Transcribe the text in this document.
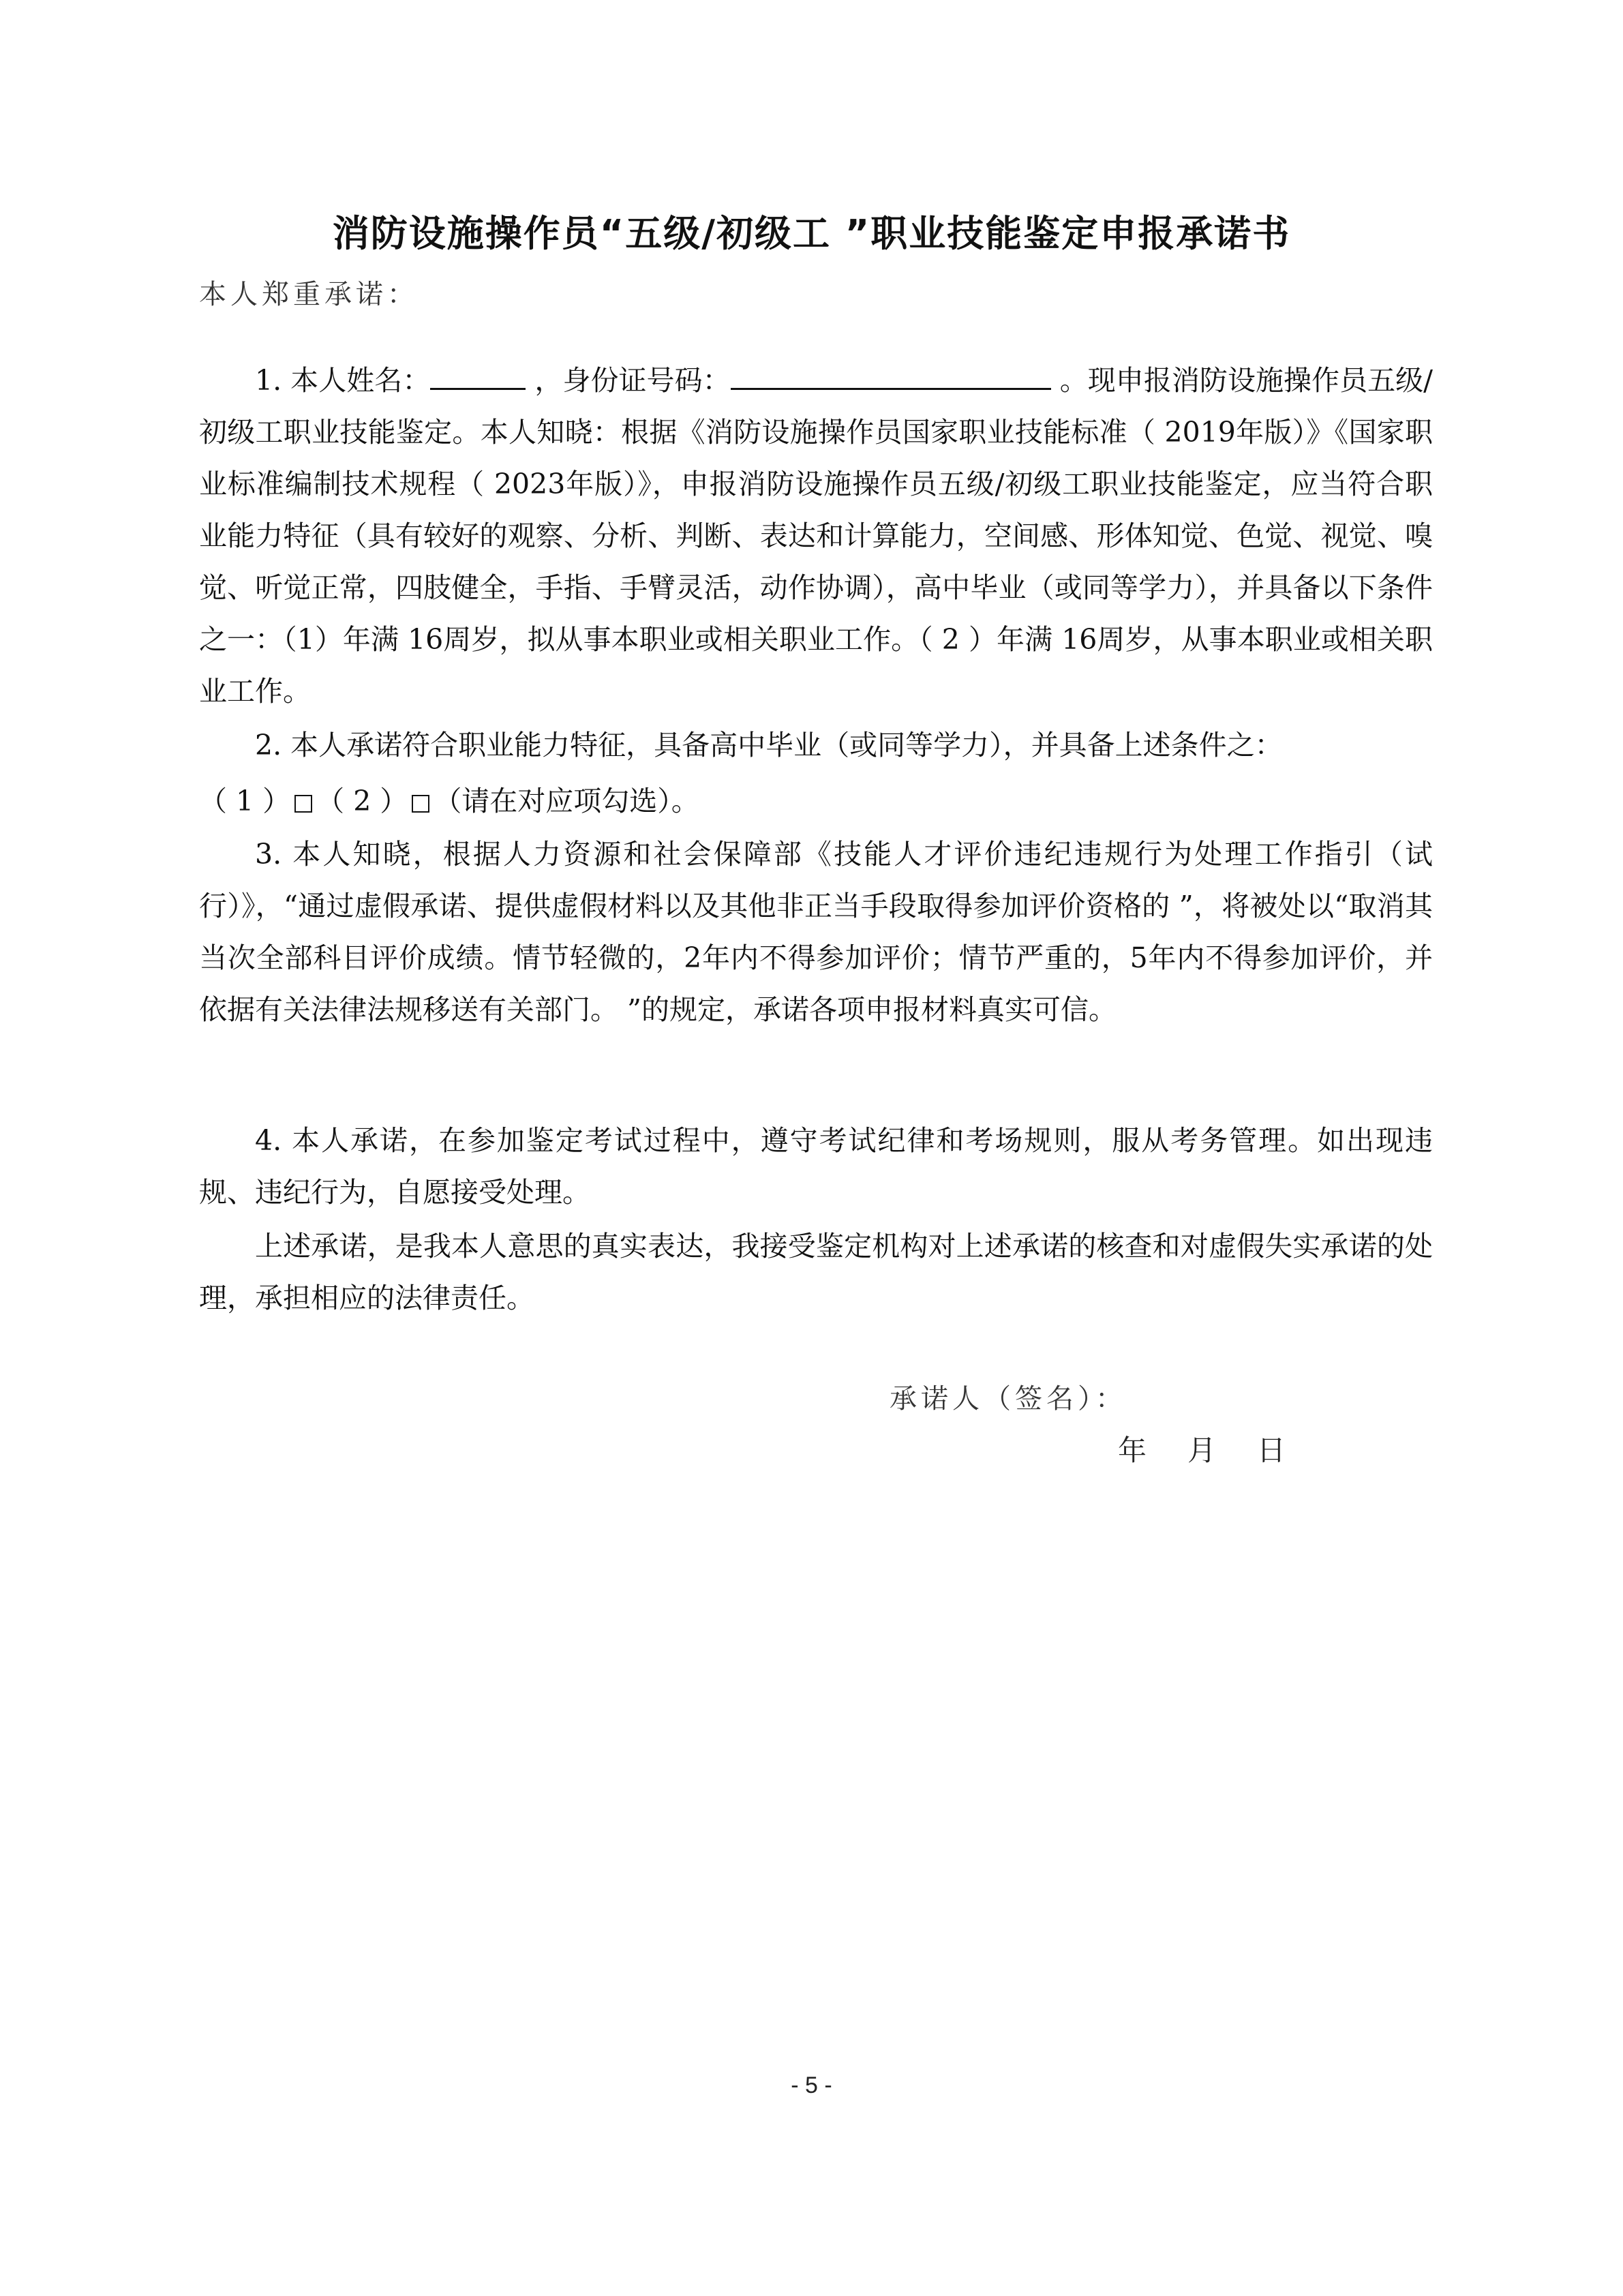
消防设施操作员“五级/初级工 ”职业技能鉴定申报承诺书
本人郑重承诺：

1. 本人姓名：	，身份证号码：	。现申报消防设施操作员五级/初级工职业技能鉴定。本人知晓：根据《消防设施操作员国家职业技能标准（ 2019年版）》《国家职业标准编制技术规程（ 2023年版）》，申报消防设施操作员五级/初级工职业技能鉴定，应当符合职业能力特征（具有较好的观察、分析、判断、表达和计算能力，空间感、形体知觉、色觉、视觉、嗅觉、听觉正常，四肢健全，手指、手臂灵活，动作协调），高中毕业（或同等学力），并具备以下条件之一：（1）年满 16周岁，拟从事本职业或相关职业工作。（ 2 ）年满 16周岁，从事本职业或相关职业工作。

2. 本人承诺符合职业能力特征，具备高中毕业（或同等学力），并具备上述条件之：

（ 1 ） （ 2 ） （请在对应项勾选）。

3. 本人知晓，根据人力资源和社会保障部《技能人才评价违纪违规行为处理工作指引（试行）》，“通过虚假承诺、提供虚假材料以及其他非正当手段取得参加评价资格的 ”，将被处以“取消其当次全部科目评价成绩。情节轻微的，2年内不得参加评价；情节严重的，5年内不得参加评价，并依据有关法律法规移送有关部门。 ”的规定，承诺各项申报材料真实可信。

4. 本人承诺，在参加鉴定考试过程中，遵守考试纪律和考场规则，服从考务管理。如出现违规、违纪行为，自愿接受处理。

上述承诺，是我本人意思的真实表达，我接受鉴定机构对上述承诺的核查和对虚假失实承诺的处理，承担相应的法律责任。

承诺人（签名）：
年 月 日
- 5 -
